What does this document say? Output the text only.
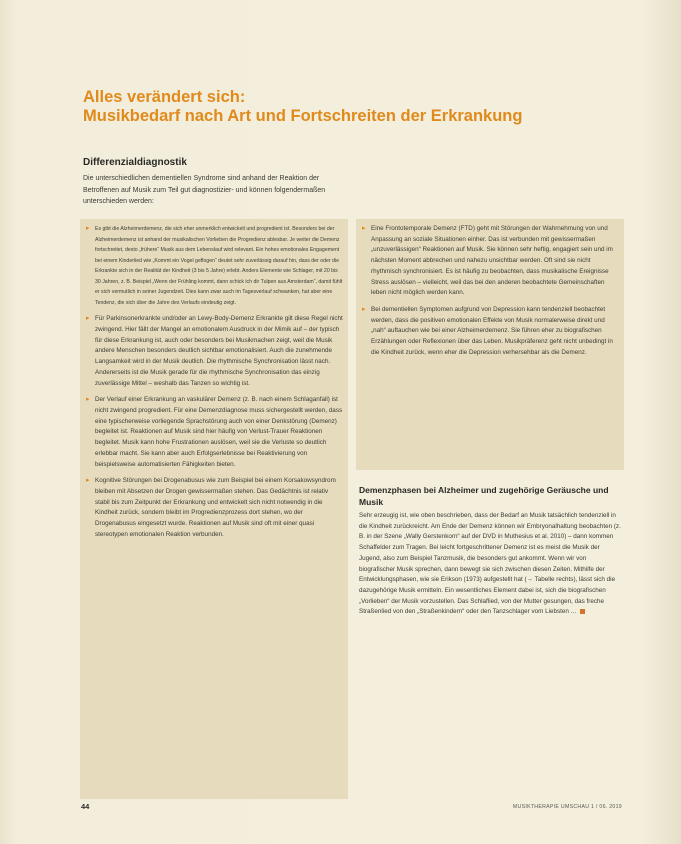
Alles verändert sich:
Musikbedarf nach Art und Fortschreiten der Erkrankung
Differenzialdiagnostik

Die unterschiedlichen dementiellen Syndrome sind anhand der Reaktion der Betroffenen auf Musik zum Teil gut diagnostizier- und können folgendermaßen unterschieden werden:

▸ Es gibt die Alzheimerdemenz, die sich eher unmerklich entwickelt und progredient ist. Besonders bei der Alzheimerdemenz ist anhand der musikalischen Vorlieben die Progredienz ablesbar. Je weiter die Demenz fortschreitet, desto „frühere“ Musik aus dem Lebenslauf wird relevant. Ein hohes emotionales Engagement bei einem Kinderlied wie „Kommt ein Vogel geflogen“ deutet sehr zuverlässig darauf hin, dass der oder die Erkrankte sich in der Realität der Kindheit (3 bis 5 Jahre) erlebt. Anders Elemente wie Schlager, mit 20 bis 30 Jahren, z. B. Beispiel „Wenn der Frühling kommt, dann schick ich dir Tulpen aus Amsterdam“, damit fühlt er sich vermutlich in seiner Jugendzeit. Dies kann zwar auch im Tagesverlauf schwanken, hat aber eine Tendenz, die sich über die Jahre des Verlaufs eindeutig zeigt.
▸ Für Parkinsonerkrankte und/oder an Lewy-Body-Demenz Erkrankte gilt diese Regel nicht zwingend. Hier fällt der Mangel an emotionalem Ausdruck in der Mimik auf – der typisch für diese Erkrankung ist, auch oder besonders bei Musikmachen zeigt, weil die Musik andere Menschen besonders deutlich sichtbar emotionalisiert. Auch die zunehmende Langsamkeit wird in der Musik deutlich. Die rhythmische Synchronisation lässt nach. Andererseits ist die Musik gerade für die rhythmische Synchronisation das einzig zuverlässige Mittel – weshalb das Tanzen so wichtig ist.
▸ Der Verlauf einer Erkrankung an vaskulärer Demenz (z. B. nach einem Schlaganfall) ist nicht zwingend progredient. Für eine Demenzdiagnose muss sichergestellt werden, dass eine typischerweise vorliegende Sprachstörung auch von einer Denkstörung (Demenz) begleitet ist. Reaktionen auf Musik sind hier häufig von Verlust-Trauer Reaktionen begleitet. Musik kann hohe Frustrationen auslösen, weil sie die Verluste so deutlich erlebbar macht. Sie kann aber auch Erfolgserlebnisse bei Reaktivierung von beispielsweise automatisierten Fähigkeiten bieten.
▸ Kognitive Störungen bei Drogenabusus wie zum Beispiel bei einem Korsakowsyndrom bleiben mit Absetzen der Drogen gewissermaßen stehen. Das Gedächtnis ist relativ stabil bis zum Zeitpunkt der Erkrankung und entwickelt sich nicht notwendig in die Kindheit zurück, sondern bleibt im Progredienzprozess dort stehen, wo der Drogenabusus eingesetzt wurde. Reaktionen auf Musik sind oft mit einer quasi stereotypen emotionalen Reaktion verbunden.
▸ Eine Frontotemporale Demenz (FTD) geht mit Störungen der Wahrnehmung von und Anpassung an soziale Situationen einher. Das ist verbunden mit gewissermaßen „unzuverlässigen“ Reaktionen auf Musik. Sie können sehr heftig, engagiert sein und im nächsten Moment abbrechen und nahezu unsichtbar werden. Oft sind sie nicht rhythmisch synchronisiert. Es ist häufig zu beobachten, dass musikalische Ereignisse Stress auslösen – vielleicht, weil das bei den anderen beobachtete Gemeinschaften leben nicht möglich werden kann.
▸ Bei dementiellen Symptomen aufgrund von Depression kann tendenziell beobachtet werden, dass die positiven emotionalen Effekte von Musik normalerweise direkt und „nah“ auftauchen wie bei einer Alzheimerdemenz. Sie führen eher zu biografischen Erzählungen oder Reflexionen über das Leben. Musikpräferenz geht nicht unbedingt in die Kindheit zurück, wenn eher die Depression verhersehbar als die Demenz.
Demenzphasen bei Alzheimer und zugehörige Geräusche und Musik

Sehr erzeugig ist, wie oben beschrieben, dass der Bedarf an Musik tatsächlich tendenziell in die Kindheit zurückreicht. Am Ende der Demenz können wir Embryonalhaltung beobachten (z. B. in der Szene „Wally Gerstenkorn“ auf der DVD in Muthesius et al. 2010) – dann kommen Schaffelder zum Tragen. Bei leicht fortgeschrittener Demenz ist es meist die Musik der Jugend, also zum Beispiel Tanzmusik, die besonders gut ankommt. Wenn wir von biografischer Musik sprechen, dann bewegt sie sich zwischen diesen Zeiten. Mithilfe der Entwicklungsphasen, wie sie Erikson (1973) aufgestellt hat (→ Tabelle rechts), lässt sich die dazugehörige Musik ermitteln. Ein wesentliches Element dabei ist, sich die biografischen „Vorlieben“ der Musik vorzustellen. Das Schlaflied, von der Mutter gesungen, das freche Straßenlied von den „Straßenkindern“ oder den Tanzschlager vom Liebsten …

44	MUSIKTHERAPIE UMSCHAU 1 / 06. 2019
